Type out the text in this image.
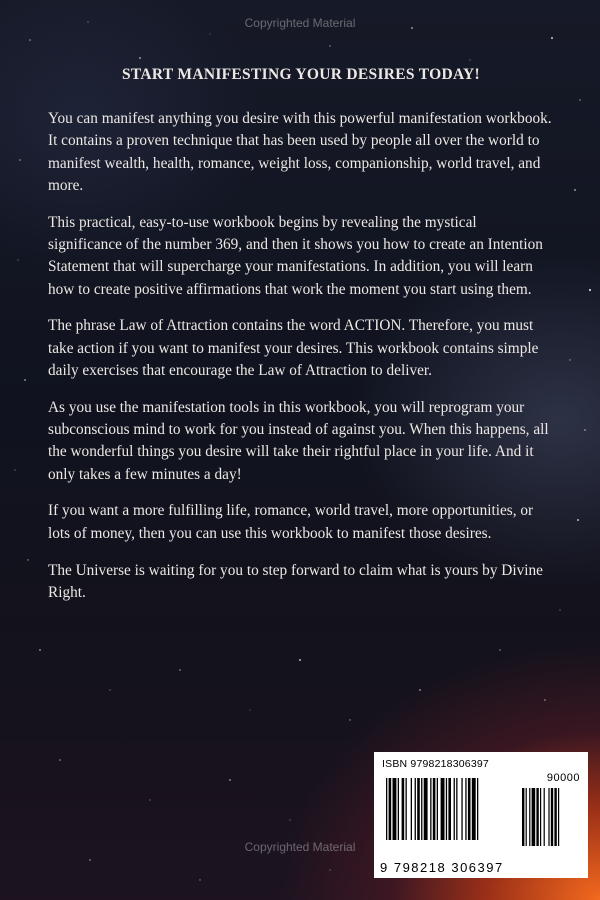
Copyrighted Material
START MANIFESTING YOUR DESIRES TODAY!

You can manifest anything you desire with this powerful manifestation workbook. It contains a proven technique that has been used by people all over the world to manifest wealth, health, romance, weight loss, companionship, world travel, and more.

This practical, easy-to-use workbook begins by revealing the mystical significance of the number 369, and then it shows you how to create an Intention Statement that will supercharge your manifestations. In addition, you will learn how to create positive affirmations that work the moment you start using them.

The phrase Law of Attraction contains the word ACTION. Therefore, you must take action if you want to manifest your desires. This workbook contains simple daily exercises that encourage the Law of Attraction to deliver.

As you use the manifestation tools in this workbook, you will reprogram your subconscious mind to work for you instead of against you. When this happens, all the wonderful things you desire will take their rightful place in your life. And it only takes a few minutes a day!

If you want a more fulfilling life, romance, world travel, more opportunities, or lots of money, then you can use this workbook to manifest those desires.

The Universe is waiting for you to step forward to claim what is yours by Divine Right.

Copyrighted Material
ISBN 9798218306397
90000
9 798218 306397
